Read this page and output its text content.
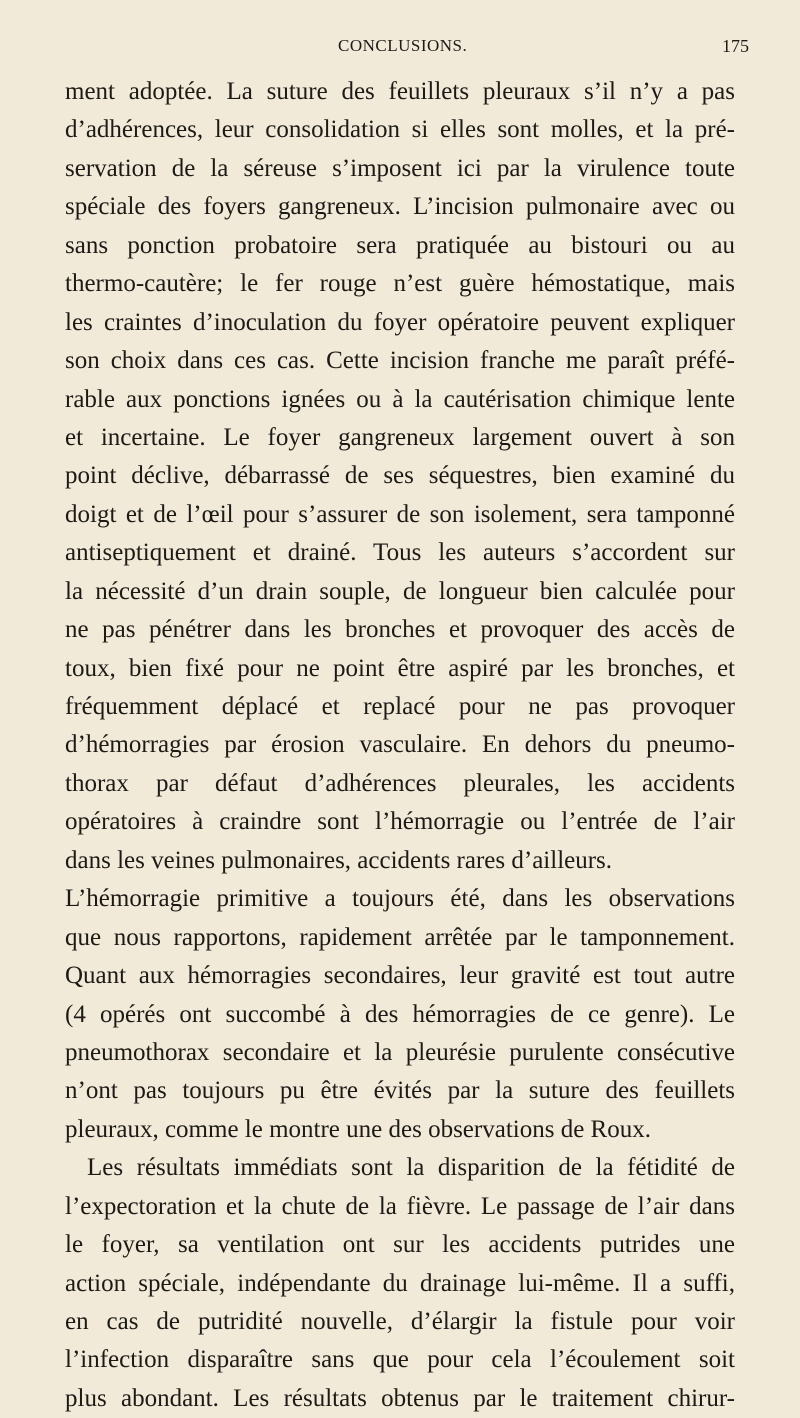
CONCLUSIONS.	175
ment adoptée. La suture des feuillets pleuraux s’il n’y a pas
d’adhérences, leur consolidation si elles sont molles, et la pré-
servation de la séreuse s’imposent ici par la virulence toute
spéciale des foyers gangreneux. L’incision pulmonaire avec ou
sans ponction probatoire sera pratiquée au bistouri ou au
thermo-cautère; le fer rouge n’est guère hémostatique, mais
les craintes d’inoculation du foyer opératoire peuvent expliquer
son choix dans ces cas. Cette incision franche me paraît préfé-
rable aux ponctions ignées ou à la cautérisation chimique lente
et incertaine. Le foyer gangreneux largement ouvert à son
point déclive, débarrassé de ses séquestres, bien examiné du
doigt et de l’œil pour s’assurer de son isolement, sera tamponné
antiseptiquement et drainé. Tous les auteurs s’accordent sur
la nécessité d’un drain souple, de longueur bien calculée pour
ne pas pénétrer dans les bronches et provoquer des accès de
toux, bien fixé pour ne point être aspiré par les bronches, et
fréquemment déplacé et replacé pour ne pas provoquer
d’hémorragies par érosion vasculaire. En dehors du pneumo-
thorax par défaut d’adhérences pleurales, les accidents
opératoires à craindre sont l’hémorragie ou l’entrée de l’air
dans les veines pulmonaires, accidents rares d’ailleurs.
L’hémorragie primitive a toujours été, dans les observations
que nous rapportons, rapidement arrêtée par le tamponnement.
Quant aux hémorragies secondaires, leur gravité est tout autre
(4 opérés ont succombé à des hémorragies de ce genre). Le
pneumothorax secondaire et la pleurésie purulente consécutive
n’ont pas toujours pu être évités par la suture des feuillets
pleuraux, comme le montre une des observations de Roux.
Les résultats immédiats sont la disparition de la fétidité de
l’expectoration et la chute de la fièvre. Le passage de l’air dans
le foyer, sa ventilation ont sur les accidents putrides une
action spéciale, indépendante du drainage lui-même. Il a suffi,
en cas de putridité nouvelle, d’élargir la fistule pour voir
l’infection disparaître sans que pour cela l’écoulement soit
plus abondant. Les résultats obtenus par le traitement chirur-
